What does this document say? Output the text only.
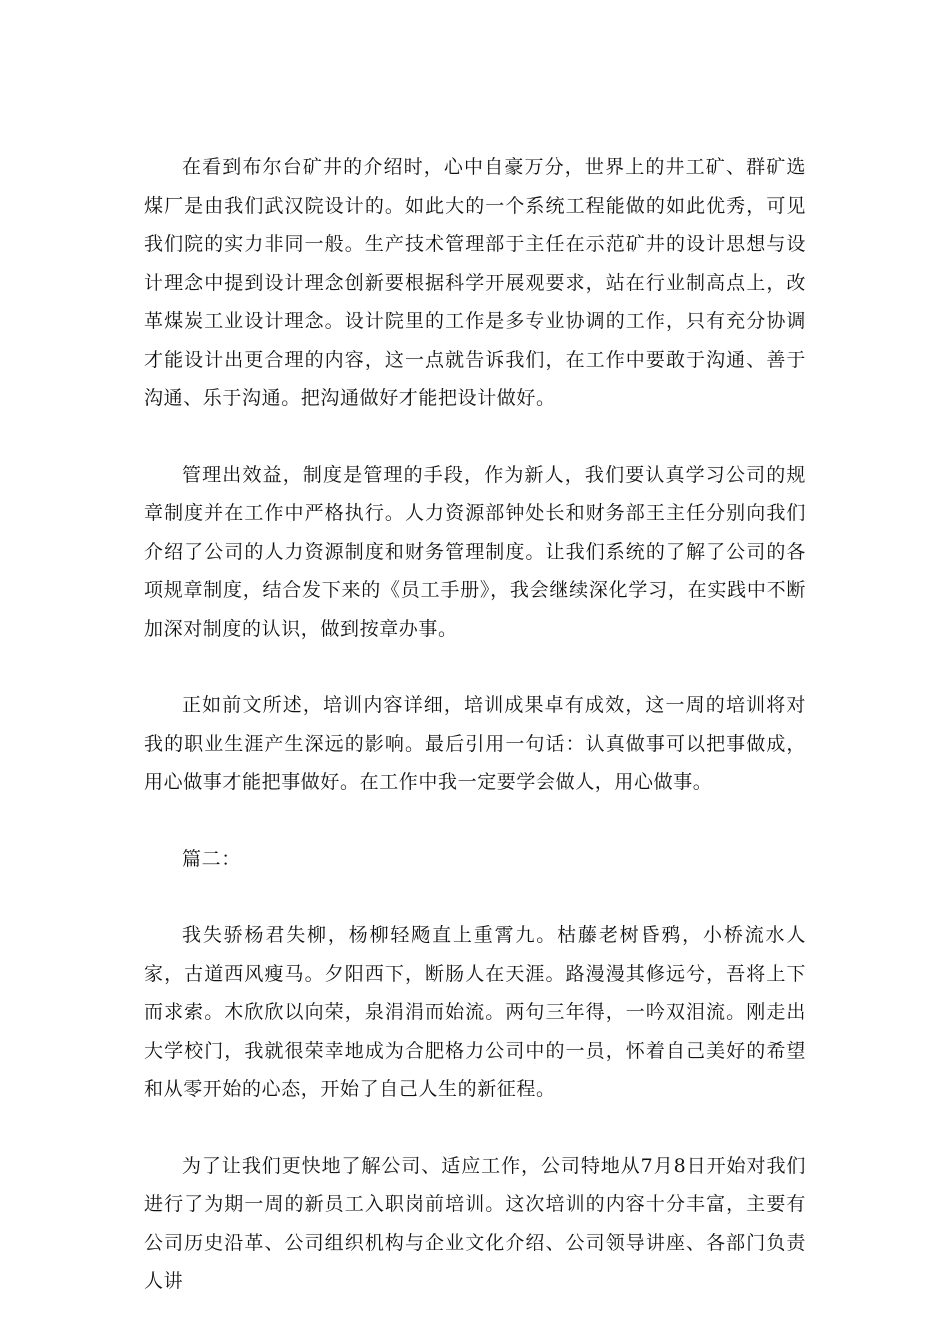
在看到布尔台矿井的介绍时，心中自豪万分，世界上的井工矿、群矿选煤厂是由我们武汉院设计的。如此大的一个系统工程能做的如此优秀，可见我们院的实力非同一般。生产技术管理部于主任在示范矿井的设计思想与设计理念中提到设计理念创新要根据科学开展观要求，站在行业制高点上，改革煤炭工业设计理念。设计院里的工作是多专业协调的工作，只有充分协调才能设计出更合理的内容，这一点就告诉我们，在工作中要敢于沟通、善于沟通、乐于沟通。把沟通做好才能把设计做好。

管理出效益，制度是管理的手段，作为新人，我们要认真学习公司的规章制度并在工作中严格执行。人力资源部钟处长和财务部王主任分别向我们介绍了公司的人力资源制度和财务管理制度。让我们系统的了解了公司的各项规章制度，结合发下来的《员工手册》，我会继续深化学习，在实践中不断加深对制度的认识，做到按章办事。

正如前文所述，培训内容详细，培训成果卓有成效，这一周的培训将对我的职业生涯产生深远的影响。最后引用一句话：认真做事可以把事做成，用心做事才能把事做好。在工作中我一定要学会做人，用心做事。

篇二：

我失骄杨君失柳，杨柳轻飏直上重霄九。枯藤老树昏鸦，小桥流水人家，古道西风瘦马。夕阳西下，断肠人在天涯。路漫漫其修远兮，吾将上下而求索。木欣欣以向荣，泉涓涓而始流。两句三年得，一吟双泪流。刚走出大学校门，我就很荣幸地成为合肥格力公司中的一员，怀着自己美好的希望和从零开始的心态，开始了自己人生的新征程。

为了让我们更快地了解公司、适应工作，公司特地从7月8日开始对我们进行了为期一周的新员工入职岗前培训。这次培训的内容十分丰富，主要有公司历史沿革、公司组织机构与企业文化介绍、公司领导讲座、各部门负责人讲
